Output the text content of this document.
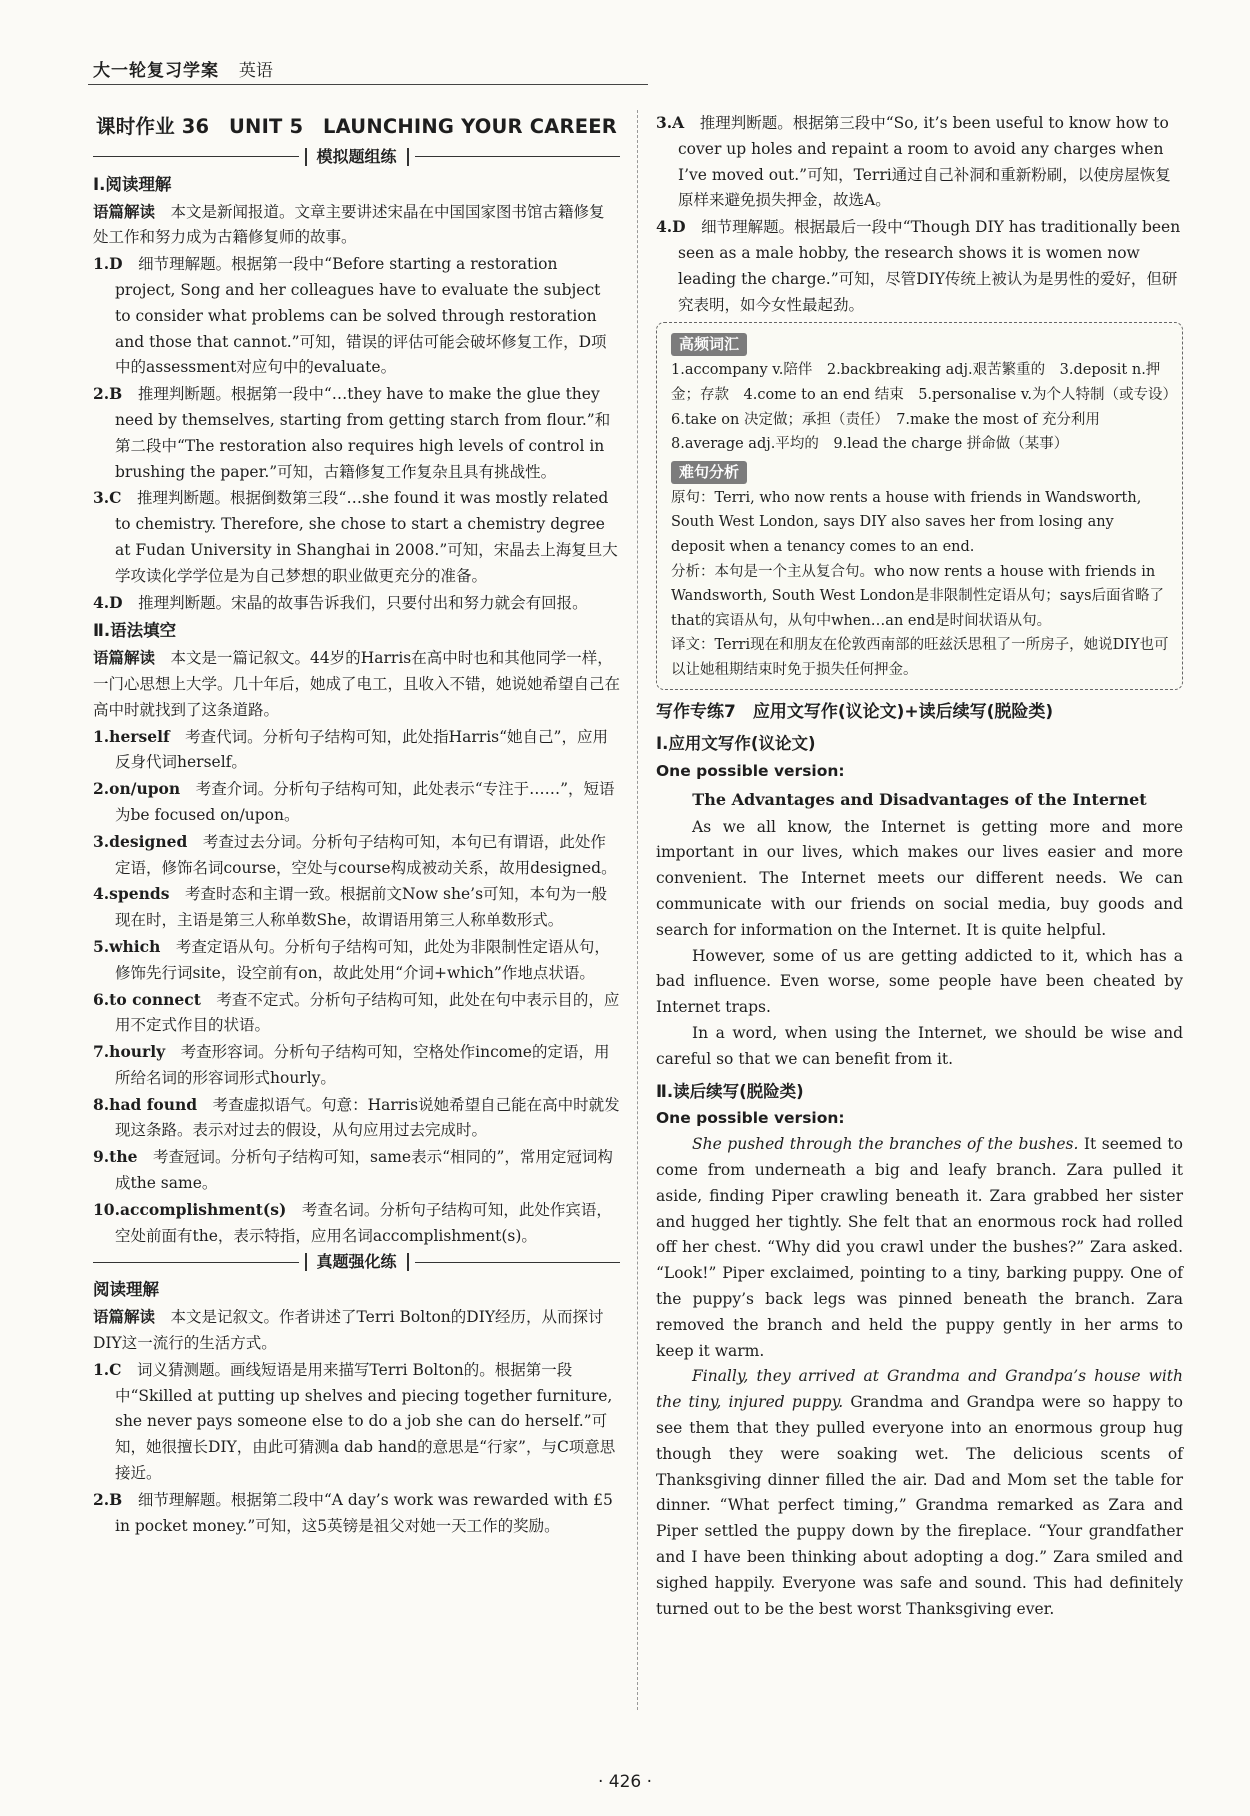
大一轮复习学案 英语
课时作业 36　UNIT 5　LAUNCHING YOUR CAREER
模拟题组练
Ⅰ.阅读理解

语篇解读　 本文是新闻报道。文章主要讲述宋晶在中国国家图书馆古籍修复处工作和努力成为古籍修复师的故事。

1.D　 细节理解题。根据第一段中“Before starting a restoration project, Song and her colleagues have to evaluate the subject to consider what problems can be solved through restoration and those that cannot.”可知，错误的评估可能会破坏修复工作，D项中的assessment对应句中的evaluate。

2.B　 推理判断题。根据第一段中“…they have to make the glue they need by themselves, starting from getting starch from flour.”和第二段中“The restoration also requires high levels of control in brushing the paper.”可知，古籍修复工作复杂且具有挑战性。

3.C　 推理判断题。根据倒数第三段“…she found it was mostly related to chemistry. Therefore, she chose to start a chemistry degree at Fudan University in Shanghai in 2008.”可知，宋晶去上海复旦大学攻读化学学位是为自己梦想的职业做更充分的准备。

4.D　 推理判断题。宋晶的故事告诉我们，只要付出和努力就会有回报。

Ⅱ.语法填空

语篇解读　 本文是一篇记叙文。44岁的Harris在高中时也和其他同学一样，一门心思想上大学。几十年后，她成了电工，且收入不错，她说她希望自己在高中时就找到了这条道路。

1.herself　 考查代词。分析句子结构可知，此处指Harris“她自己”，应用反身代词herself。

2.on/upon　 考查介词。分析句子结构可知，此处表示“专注于……”，短语为be focused on/upon。

3.designed　 考查过去分词。分析句子结构可知，本句已有谓语，此处作定语，修饰名词course，空处与course构成被动关系，故用designed。

4.spends　 考查时态和主谓一致。根据前文Now she’s可知，本句为一般现在时，主语是第三人称单数She，故谓语用第三人称单数形式。

5.which　 考查定语从句。分析句子结构可知，此处为非限制性定语从句，修饰先行词site，设空前有on，故此处用“介词+which”作地点状语。

6.to connect　 考查不定式。分析句子结构可知，此处在句中表示目的，应用不定式作目的状语。

7.hourly　 考查形容词。分析句子结构可知，空格处作income的定语，用所给名词的形容词形式hourly。

8.had found　 考查虚拟语气。句意：Harris说她希望自己能在高中时就发现这条路。表示对过去的假设，从句应用过去完成时。

9.the　 考查冠词。分析句子结构可知，same表示“相同的”，常用定冠词构成the same。

10.accomplishment(s)　 考查名词。分析句子结构可知，此处作宾语，空处前面有the，表示特指，应用名词accomplishment(s)。

真题强化练
阅读理解

语篇解读　 本文是记叙文。作者讲述了Terri Bolton的DIY经历，从而探讨DIY这一流行的生活方式。

1.C　 词义猜测题。画线短语是用来描写Terri Bolton的。根据第一段中“Skilled at putting up shelves and piecing together furniture, she never pays someone else to do a job she can do herself.”可知，她很擅长DIY，由此可猜测a dab hand的意思是“行家”，与C项意思接近。

2.B　 细节理解题。根据第二段中“A day’s work was rewarded with £5 in pocket money.”可知，这5英镑是祖父对她一天工作的奖励。

3.A　 推理判断题。根据第三段中“So, it’s been useful to know how to cover up holes and repaint a room to avoid any charges when I’ve moved out.”可知，Terri通过自己补洞和重新粉刷，以使房屋恢复原样来避免损失押金，故选A。

4.D　 细节理解题。根据最后一段中“Though DIY has traditionally been seen as a male hobby, the research shows it is women now leading the charge.”可知，尽管DIY传统上被认为是男性的爱好，但研究表明，如今女性最起劲。

高频词汇
1.accompany v.陪伴　2.backbreaking adj.艰苦繁重的　3.deposit n.押金；存款　4.come to an end 结束　5.personalise v.为个人特制（或专设）　6.take on 决定做；承担（责任）　7.make the most of 充分利用　8.average adj.平均的　9.lead the charge 拼命做（某事）
难句分析
原句：Terri, who now rents a house with friends in Wandsworth, South West London, says DIY also saves her from losing any deposit when a tenancy comes to an end.
分析：本句是一个主从复合句。who now rents a house with friends in Wandsworth, South West London是非限制性定语从句；says后面省略了that的宾语从句，从句中when…an end是时间状语从句。
译文：Terri现在和朋友在伦敦西南部的旺兹沃思租了一所房子，她说DIY也可以让她租期结束时免于损失任何押金。
写作专练7　应用文写作(议论文)+读后续写(脱险类)
Ⅰ.应用文写作(议论文)
One possible version:
The Advantages and Disadvantages of the Internet

As we all know, the Internet is getting more and more important in our lives, which makes our lives easier and more convenient. The Internet meets our different needs. We can communicate with our friends on social media, buy goods and search for information on the Internet. It is quite helpful.

However, some of us are getting addicted to it, which has a bad influence. Even worse, some people have been cheated by Internet traps.

In a word, when using the Internet, we should be wise and careful so that we can benefit from it.

Ⅱ.读后续写(脱险类)
One possible version:

She pushed through the branches of the bushes. It seemed to come from underneath a big and leafy branch. Zara pulled it aside, finding Piper crawling beneath it. Zara grabbed her sister and hugged her tightly. She felt that an enormous rock had rolled off her chest. “Why did you crawl under the bushes?” Zara asked. “Look!” Piper exclaimed, pointing to a tiny, barking puppy. One of the puppy’s back legs was pinned beneath the branch. Zara removed the branch and held the puppy gently in her arms to keep it warm.

Finally, they arrived at Grandma and Grandpa’s house with the tiny, injured puppy. Grandma and Grandpa were so happy to see them that they pulled everyone into an enormous group hug though they were soaking wet. The delicious scents of Thanksgiving dinner filled the air. Dad and Mom set the table for dinner. “What perfect timing,” Grandma remarked as Zara and Piper settled the puppy down by the fireplace. “Your grandfather and I have been thinking about adopting a dog.” Zara smiled and sighed happily. Everyone was safe and sound. This had definitely turned out to be the best worst Thanksgiving ever.

· 426 ·
